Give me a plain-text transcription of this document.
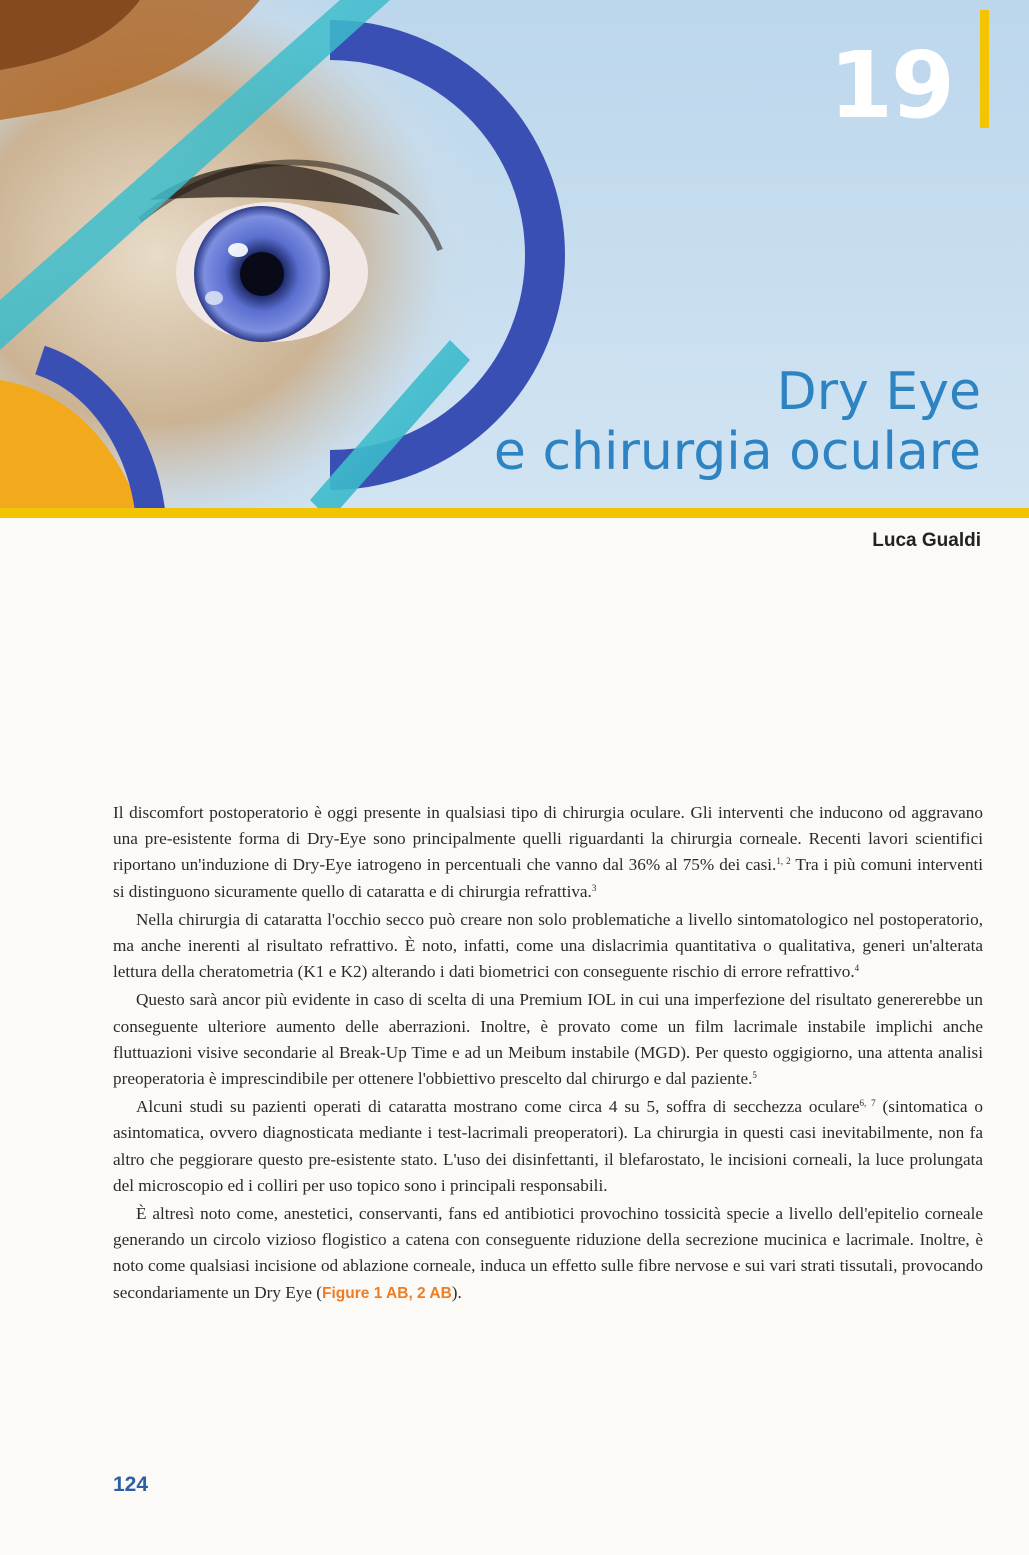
19
Dry Eye
e chirurgia oculare
Luca Gualdi

Il discomfort postoperatorio è oggi presente in qualsiasi tipo di chirurgia oculare. Gli interventi che inducono od aggravano una pre-esistente forma di Dry-Eye sono principalmente quelli riguardanti la chirurgia corneale. Recenti lavori scientifici riportano un'induzione di Dry-Eye iatrogeno in percentuali che vanno dal 36% al 75% dei casi.$^{1, 2}$ Tra i più comuni interventi si distinguono sicuramente quello di cataratta e di chirurgia refrattiva.$^3$

Nella chirurgia di cataratta l'occhio secco può creare non solo problematiche a livello sintomatologico nel postoperatorio, ma anche inerenti al risultato refrattivo. È noto, infatti, come una dislacrimia quantitativa o qualitativa, generi un'alterata lettura della cheratometria (K1 e K2) alterando i dati biometrici con conseguente rischio di errore refrattivo.$^4$

Questo sarà ancor più evidente in caso di scelta di una Premium IOL in cui una imperfezione del risultato genererebbe un conseguente ulteriore aumento delle aberrazioni. Inoltre, è provato come un film lacrimale instabile implichi anche fluttuazioni visive secondarie al Break-Up Time e ad un Meibum instabile (MGD). Per questo oggigiorno, una attenta analisi preoperatoria è imprescindibile per ottenere l'obbiettivo prescelto dal chirurgo e dal paziente.$^5$

Alcuni studi su pazienti operati di cataratta mostrano come circa 4 su 5, soffra di secchezza oculare$^{6, 7}$ (sintomatica o asintomatica, ovvero diagnosticata mediante i test-lacrimali preoperatori). La chirurgia in questi casi inevitabilmente, non fa altro che peggiorare questo pre-esistente stato. L'uso dei disinfettanti, il blefarostato, le incisioni corneali, la luce prolungata del microscopio ed i colliri per uso topico sono i principali responsabili.

È altresì noto come, anestetici, conservanti, fans ed antibiotici provochino tossicità specie a livello dell'epitelio corneale generando un circolo vizioso flogistico a catena con conseguente riduzione della secrezione mucinica e lacrimale. Inoltre, è noto come qualsiasi incisione od ablazione corneale, induca un effetto sulle fibre nervose e sui vari strati tissutali, provocando secondariamente un Dry Eye (Figure 1 AB, 2 AB).

124
